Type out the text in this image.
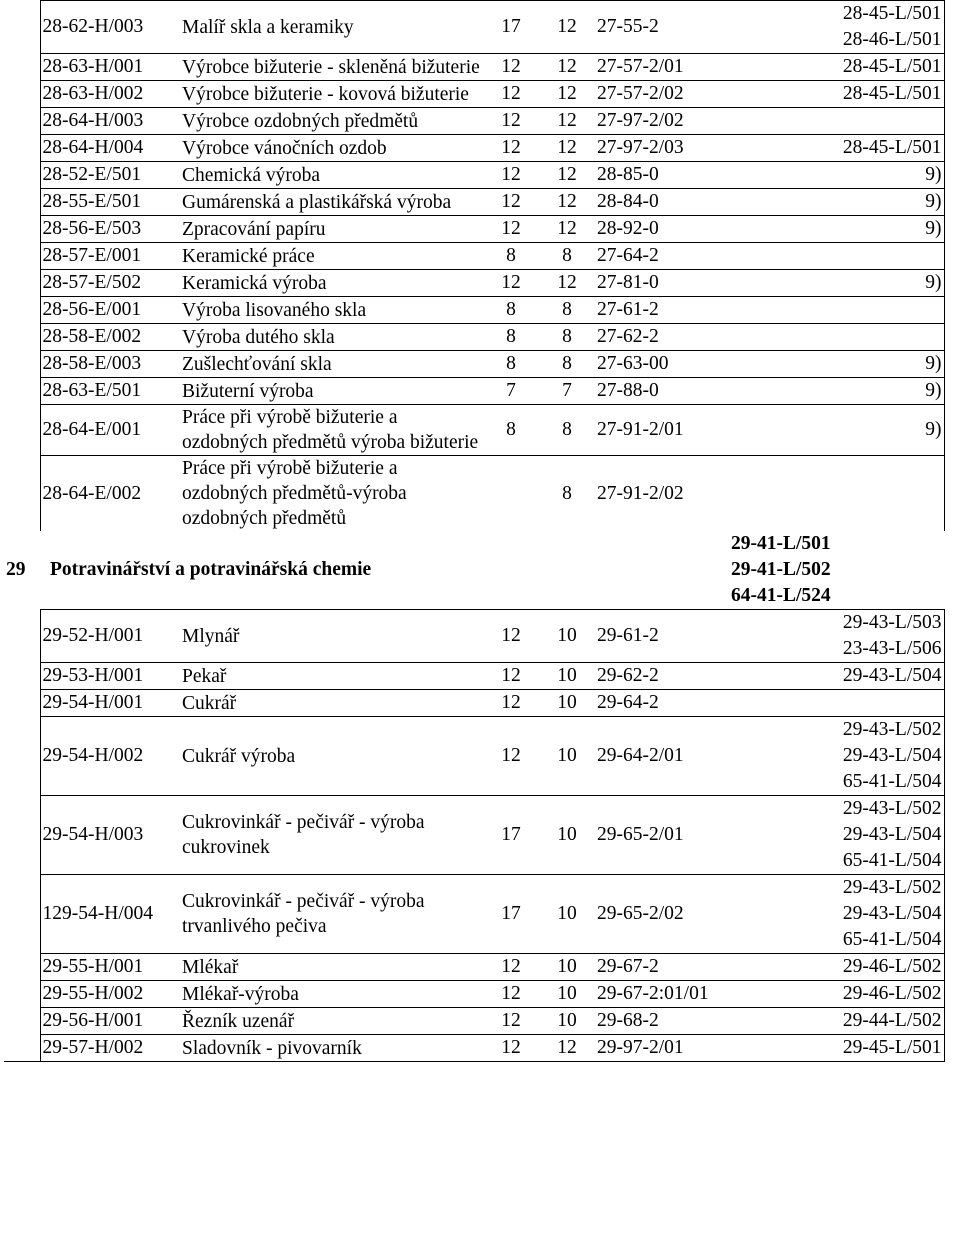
	28-62-H/003	Malíř skla a keramiky	17	12	27-55-2	28-45-L/501
28-46-L/501

	28-63-H/001	Výrobce bižuterie - skleněná bižuterie	12	12	27-57-2/01	28-45-L/501

	28-63-H/002	Výrobce bižuterie - kovová bižuterie	12	12	27-57-2/02	28-45-L/501

	28-64-H/003	Výrobce ozdobných předmětů	12	12	27-97-2/02	
	28-64-H/004	Výrobce vánočních ozdob	12	12	27-97-2/03	28-45-L/501

	28-52-E/501	Chemická výroba	12	12	28-85-0	9)

	28-55-E/501	Gumárenská a plastikářská výroba	12	12	28-84-0	9)

	28-56-E/503	Zpracování papíru	12	12	28-92-0	9)

	28-57-E/001	Keramické práce	8	8	27-64-2	
	28-57-E/502	Keramická výroba	12	12	27-81-0	9)

	28-56-E/001	Výroba lisovaného skla	8	8	27-61-2	
	28-58-E/002	Výroba dutého skla	8	8	27-62-2	
	28-58-E/003	Zušlechťování skla	8	8	27-63-00	9)

	28-63-E/501	Bižuterní výroba	7	7	27-88-0	9)

	28-64-E/001	Práce při výrobě bižuterie a ozdobných předmětů výroba bižuterie	8	8	27-91-2/01	9)

	28-64-E/002	Práce při výrobě bižuterie a ozdobných předmětů-výroba ozdobných předmětů		8	27-91-2/02	
29	Potravinářství a potravinářská chemie					29-41-L/501
29-41-L/502
64-41-L/524

	29-52-H/001	Mlynář	12	10	29-61-2	29-43-L/503
23-43-L/506

	29-53-H/001	Pekař	12	10	29-62-2	29-43-L/504

	29-54-H/001	Cukrář	12	10	29-64-2	
	29-54-H/002	Cukrář výroba	12	10	29-64-2/01	29-43-L/502
29-43-L/504
65-41-L/504

	29-54-H/003	Cukrovinkář - pečivář - výroba cukrovinek	17	10	29-65-2/01	29-43-L/502
29-43-L/504
65-41-L/504

	129-54-H/004	Cukrovinkář - pečivář - výroba trvanlivého pečiva	17	10	29-65-2/02	29-43-L/502
29-43-L/504
65-41-L/504

	29-55-H/001	Mlékař	12	10	29-67-2	29-46-L/502

	29-55-H/002	Mlékař-výroba	12	10	29-67-2:01/01	29-46-L/502

	29-56-H/001	Řezník uzenář	12	10	29-68-2	29-44-L/502

	29-57-H/002	Sladovník - pivovarník	12	12	29-97-2/01	29-45-L/501
